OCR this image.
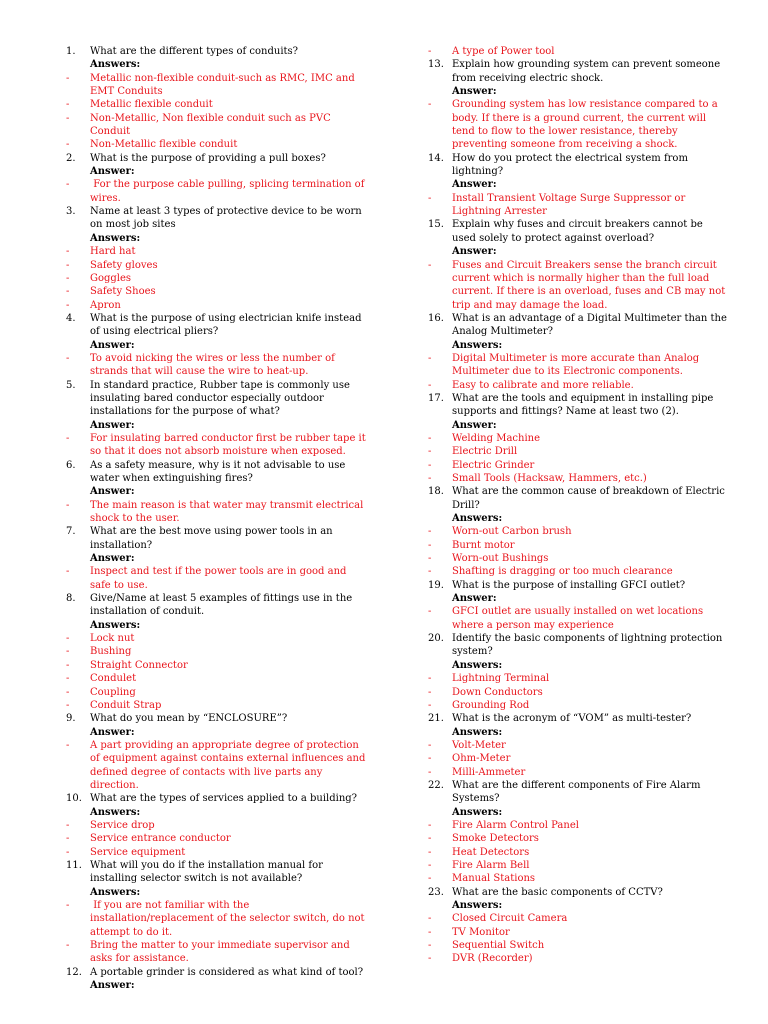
1.	What are the different types of conduits?
Answers:
- Metallic non-flexible conduit-such as RMC, IMC and EMT Conduits
- Metallic flexible conduit
- Non-Metallic, Non flexible conduit such as PVC Conduit
- Non-Metallic flexible conduit
2.	What is the purpose of providing a pull boxes?
Answer:
- For the purpose cable pulling, splicing termination of wires.
3.	Name at least 3 types of protective device to be worn on most job sites
Answers:
- Hard hat
- Safety gloves
- Goggles
- Safety Shoes
- Apron
4.	What is the purpose of using electrician knife instead of using electrical pliers?
Answer:
- To avoid nicking the wires or less the number of strands that will cause the wire to heat-up.
5.	In standard practice, Rubber tape is commonly use insulating bared conductor especially outdoor installations for the purpose of what?
Answer:
- For insulating barred conductor first be rubber tape it so that it does not absorb moisture when exposed.
6.	As a safety measure, why is it not advisable to use water when extinguishing fires?
Answer:
- The main reason is that water may transmit electrical shock to the user.
7.	What are the best move using power tools in an installation?
Answer:
- Inspect and test if the power tools are in good and safe to use.
8.	Give/Name at least 5 examples of fittings use in the installation of conduit.
Answers:
- Lock nut
- Bushing
- Straight Connector
- Condulet
- Coupling
- Conduit Strap
9.	What do you mean by “ENCLOSURE”?
Answer:
- A part providing an appropriate degree of protection of equipment against contains external influences and defined degree of contacts with live parts any direction.
10. What are the types of services applied to a building?
Answers:
- Service drop
- Service entrance conductor
- Service equipment
11. What will you do if the installation manual for installing selector switch is not available?
Answers:
- If you are not familiar with the installation/replacement of the selector switch, do not attempt to do it.
- Bring the matter to your immediate supervisor and asks for assistance.
12. A portable grinder is considered as what kind of tool?
Answer:
- A type of Power tool
13. Explain how grounding system can prevent someone from receiving electric shock.
Answer:
- Grounding system has low resistance compared to a body. If there is a ground current, the current will tend to flow to the lower resistance, thereby preventing someone from receiving a shock.
14. How do you protect the electrical system from lightning?
Answer:
- Install Transient Voltage Surge Suppressor or Lightning Arrester
15. Explain why fuses and circuit breakers cannot be used solely to protect against overload?
Answer:
- Fuses and Circuit Breakers sense the branch circuit current which is normally higher than the full load current. If there is an overload, fuses and CB may not trip and may damage the load.
16. What is an advantage of a Digital Multimeter than the Analog Multimeter?
Answers:
- Digital Multimeter is more accurate than Analog Multimeter due to its Electronic components.
- Easy to calibrate and more reliable.
17. What are the tools and equipment in installing pipe supports and fittings? Name at least two (2).
Answer:
- Welding Machine
- Electric Drill
- Electric Grinder
- Small Tools (Hacksaw, Hammers, etc.)
18. What are the common cause of breakdown of Electric Drill?
Answers:
- Worn-out Carbon brush
- Burnt motor
- Worn-out Bushings
- Shafting is dragging or too much clearance
19. What is the purpose of installing GFCI outlet?
Answer:
- GFCI outlet are usually installed on wet locations where a person may experience
20. Identify the basic components of lightning protection system?
Answers:
- Lightning Terminal
- Down Conductors
- Grounding Rod
21. What is the acronym of “VOM” as multi-tester?
Answers:
- Volt-Meter
- Ohm-Meter
- Milli-Ammeter
22. What are the different components of Fire Alarm Systems?
Answers:
- Fire Alarm Control Panel
- Smoke Detectors
- Heat Detectors
- Fire Alarm Bell
- Manual Stations
23. What are the basic components of CCTV?
Answers:
- Closed Circuit Camera
- TV Monitor
- Sequential Switch
- DVR (Recorder)
